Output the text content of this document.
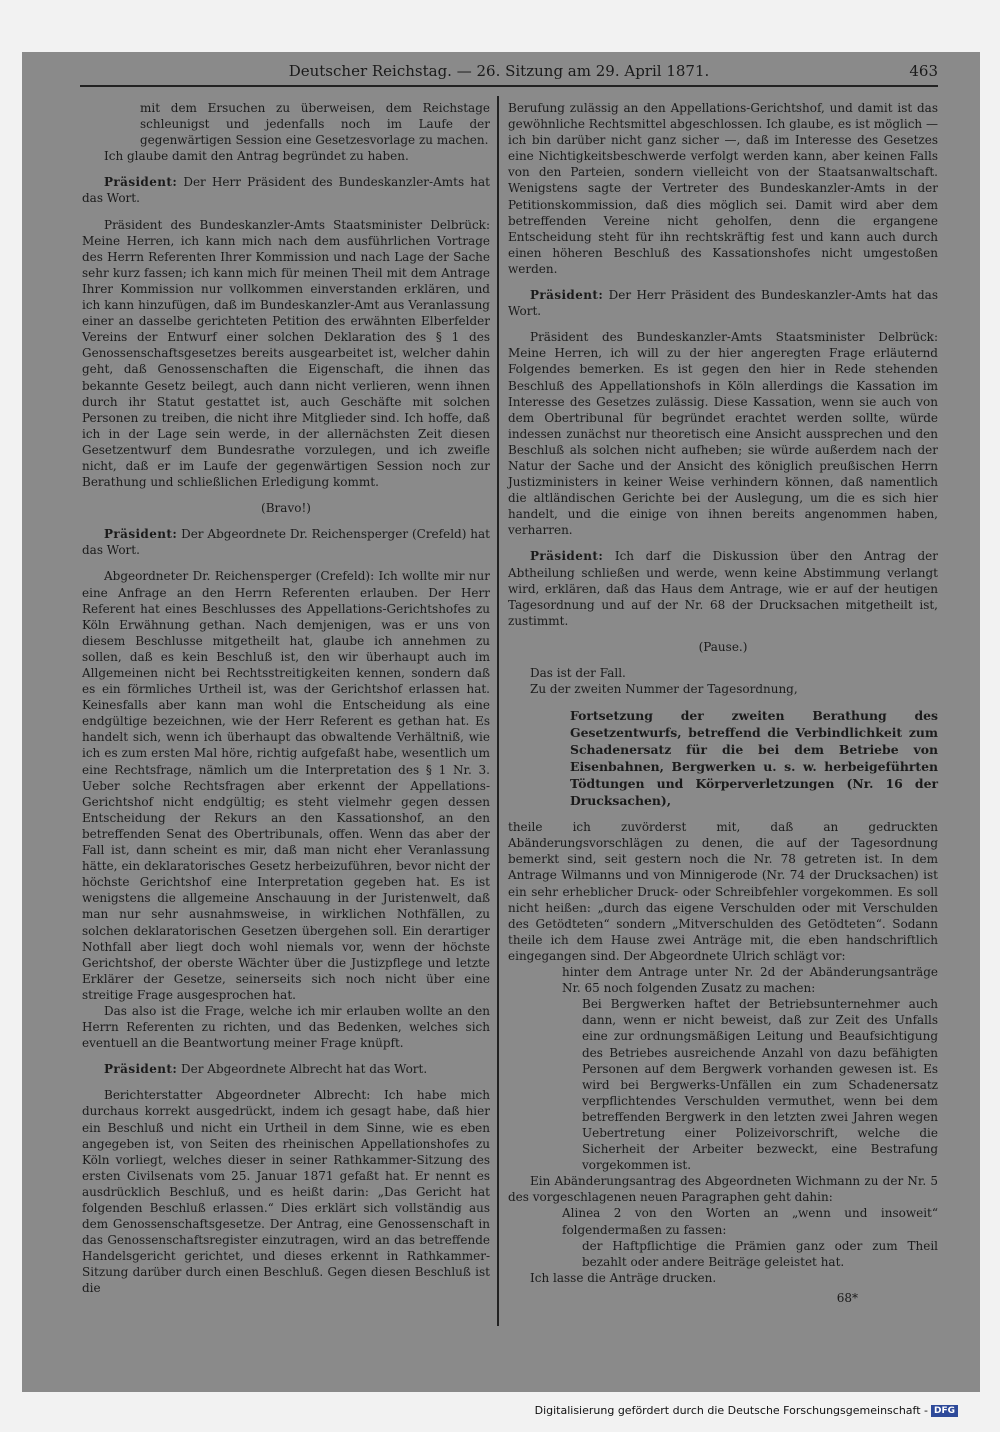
Deutscher Reichstag. — 26. Sitzung am 29. April 1871.	463

mit dem Ersuchen zu überweisen, dem Reichstage schleunigst und jedenfalls noch im Laufe der gegenwärtigen Session eine Gesetzesvorlage zu machen.

Ich glaube damit den Antrag begründet zu haben.

Präsident: Der Herr Präsident des Bundeskanzler-Amts hat das Wort.

Präsident des Bundeskanzler-Amts Staatsminister Delbrück: Meine Herren, ich kann mich nach dem ausführlichen Vortrage des Herrn Referenten Ihrer Kommission und nach Lage der Sache sehr kurz fassen; ich kann mich für meinen Theil mit dem Antrage Ihrer Kommission nur vollkommen einverstanden erklären, und ich kann hinzufügen, daß im Bundeskanzler-Amt aus Veranlassung einer an dasselbe gerichteten Petition des erwähnten Elberfelder Vereins der Entwurf einer solchen Deklaration des § 1 des Genossenschaftsgesetzes bereits ausgearbeitet ist, welcher dahin geht, daß Genossenschaften die Eigenschaft, die ihnen das bekannte Gesetz beilegt, auch dann nicht verlieren, wenn ihnen durch ihr Statut gestattet ist, auch Geschäfte mit solchen Personen zu treiben, die nicht ihre Mitglieder sind. Ich hoffe, daß ich in der Lage sein werde, in der allernächsten Zeit diesen Gesetzentwurf dem Bundesrathe vorzulegen, und ich zweifle nicht, daß er im Laufe der gegenwärtigen Session noch zur Berathung und schließlichen Erledigung kommt.

(Bravo!)

Präsident: Der Abgeordnete Dr. Reichensperger (Crefeld) hat das Wort.

Abgeordneter Dr. Reichensperger (Crefeld): Ich wollte mir nur eine Anfrage an den Herrn Referenten erlauben. Der Herr Referent hat eines Beschlusses des Appellations-Gerichtshofes zu Köln Erwähnung gethan. Nach demjenigen, was er uns von diesem Beschlusse mitgetheilt hat, glaube ich annehmen zu sollen, daß es kein Beschluß ist, den wir überhaupt auch im Allgemeinen nicht bei Rechtsstreitigkeiten kennen, sondern daß es ein förmliches Urtheil ist, was der Gerichtshof erlassen hat. Keinesfalls aber kann man wohl die Entscheidung als eine endgültige bezeichnen, wie der Herr Referent es gethan hat. Es handelt sich, wenn ich überhaupt das obwaltende Verhältniß, wie ich es zum ersten Mal höre, richtig aufgefaßt habe, wesentlich um eine Rechtsfrage, nämlich um die Interpretation des § 1 Nr. 3. Ueber solche Rechtsfragen aber erkennt der Appellations-Gerichtshof nicht endgültig; es steht vielmehr gegen dessen Entscheidung der Rekurs an den Kassationshof, an den betreffenden Senat des Obertribunals, offen. Wenn das aber der Fall ist, dann scheint es mir, daß man nicht eher Veranlassung hätte, ein deklaratorisches Gesetz herbeizuführen, bevor nicht der höchste Gerichtshof eine Interpretation gegeben hat. Es ist wenigstens die allgemeine Anschauung in der Juristenwelt, daß man nur sehr ausnahmsweise, in wirklichen Nothfällen, zu solchen deklaratorischen Gesetzen übergehen soll. Ein derartiger Nothfall aber liegt doch wohl niemals vor, wenn der höchste Gerichtshof, der oberste Wächter über die Justizpflege und letzte Erklärer der Gesetze, seinerseits sich noch nicht über eine streitige Frage ausgesprochen hat.

Das also ist die Frage, welche ich mir erlauben wollte an den Herrn Referenten zu richten, und das Bedenken, welches sich eventuell an die Beantwortung meiner Frage knüpft.

Präsident: Der Abgeordnete Albrecht hat das Wort.

Berichterstatter Abgeordneter Albrecht: Ich habe mich durchaus korrekt ausgedrückt, indem ich gesagt habe, daß hier ein Beschluß und nicht ein Urtheil in dem Sinne, wie es eben angegeben ist, von Seiten des rheinischen Appellationshofes zu Köln vorliegt, welches dieser in seiner Rathkammer-Sitzung des ersten Civilsenats vom 25. Januar 1871 gefaßt hat. Er nennt es ausdrücklich Beschluß, und es heißt darin: „Das Gericht hat folgenden Beschluß erlassen.“ Dies erklärt sich vollständig aus dem Genossenschaftsgesetze. Der Antrag, eine Genossenschaft in das Genossenschaftsregister einzutragen, wird an das betreffende Handelsgericht gerichtet, und dieses erkennt in Rathkammer-Sitzung darüber durch einen Beschluß. Gegen diesen Beschluß ist die

Berufung zulässig an den Appellations-Gerichtshof, und damit ist das gewöhnliche Rechtsmittel abgeschlossen. Ich glaube, es ist möglich — ich bin darüber nicht ganz sicher —, daß im Interesse des Gesetzes eine Nichtigkeitsbeschwerde verfolgt werden kann, aber keinen Falls von den Parteien, sondern vielleicht von der Staatsanwaltschaft. Wenigstens sagte der Vertreter des Bundeskanzler-Amts in der Petitionskommission, daß dies möglich sei. Damit wird aber dem betreffenden Vereine nicht geholfen, denn die ergangene Entscheidung steht für ihn rechtskräftig fest und kann auch durch einen höheren Beschluß des Kassationshofes nicht umgestoßen werden.

Präsident: Der Herr Präsident des Bundeskanzler-Amts hat das Wort.

Präsident des Bundeskanzler-Amts Staatsminister Delbrück: Meine Herren, ich will zu der hier angeregten Frage erläuternd Folgendes bemerken. Es ist gegen den hier in Rede stehenden Beschluß des Appellationshofs in Köln allerdings die Kassation im Interesse des Gesetzes zulässig. Diese Kassation, wenn sie auch von dem Obertribunal für begründet erachtet werden sollte, würde indessen zunächst nur theoretisch eine Ansicht aussprechen und den Beschluß als solchen nicht aufheben; sie würde außerdem nach der Natur der Sache und der Ansicht des königlich preußischen Herrn Justizministers in keiner Weise verhindern können, daß namentlich die altländischen Gerichte bei der Auslegung, um die es sich hier handelt, und die einige von ihnen bereits angenommen haben, verharren.

Präsident: Ich darf die Diskussion über den Antrag der Abtheilung schließen und werde, wenn keine Abstimmung verlangt wird, erklären, daß das Haus dem Antrage, wie er auf der heutigen Tagesordnung und auf der Nr. 68 der Drucksachen mitgetheilt ist, zustimmt.

(Pause.)

Das ist der Fall.

Zu der zweiten Nummer der Tagesordnung,

Fortsetzung der zweiten Berathung des Gesetzentwurfs, betreffend die Verbindlichkeit zum Schadenersatz für die bei dem Betriebe von Eisenbahnen, Bergwerken u. s. w. herbeigeführten Tödtungen und Körperverletzungen (Nr. 16 der Drucksachen),

theile ich zuvörderst mit, daß an gedruckten Abänderungsvorschlägen zu denen, die auf der Tagesordnung bemerkt sind, seit gestern noch die Nr. 78 getreten ist. In dem Antrage Wilmanns und von Minnigerode (Nr. 74 der Drucksachen) ist ein sehr erheblicher Druck- oder Schreibfehler vorgekommen. Es soll nicht heißen: „durch das eigene Verschulden oder mit Verschulden des Getödteten“ sondern „Mitverschulden des Getödteten“. Sodann theile ich dem Hause zwei Anträge mit, die eben handschriftlich eingegangen sind. Der Abgeordnete Ulrich schlägt vor:

hinter dem Antrage unter Nr. 2d der Abänderungsanträge Nr. 65 noch folgenden Zusatz zu machen:

Bei Bergwerken haftet der Betriebsunternehmer auch dann, wenn er nicht beweist, daß zur Zeit des Unfalls eine zur ordnungsmäßigen Leitung und Beaufsichtigung des Betriebes ausreichende Anzahl von dazu befähigten Personen auf dem Bergwerk vorhanden gewesen ist. Es wird bei Bergwerks-Unfällen ein zum Schadenersatz verpflichtendes Verschulden vermuthet, wenn bei dem betreffenden Bergwerk in den letzten zwei Jahren wegen Uebertretung einer Polizeivorschrift, welche die Sicherheit der Arbeiter bezweckt, eine Bestrafung vorgekommen ist.

Ein Abänderungsantrag des Abgeordneten Wichmann zu der Nr. 5 des vorgeschlagenen neuen Paragraphen geht dahin:

Alinea 2 von den Worten an „wenn und insoweit“ folgendermaßen zu fassen:

der Haftpflichtige die Prämien ganz oder zum Theil bezahlt oder andere Beiträge geleistet hat.

Ich lasse die Anträge drucken.

68*

Digitalisierung gefördert durch die Deutsche Forschungsgemeinschaft - DFG
